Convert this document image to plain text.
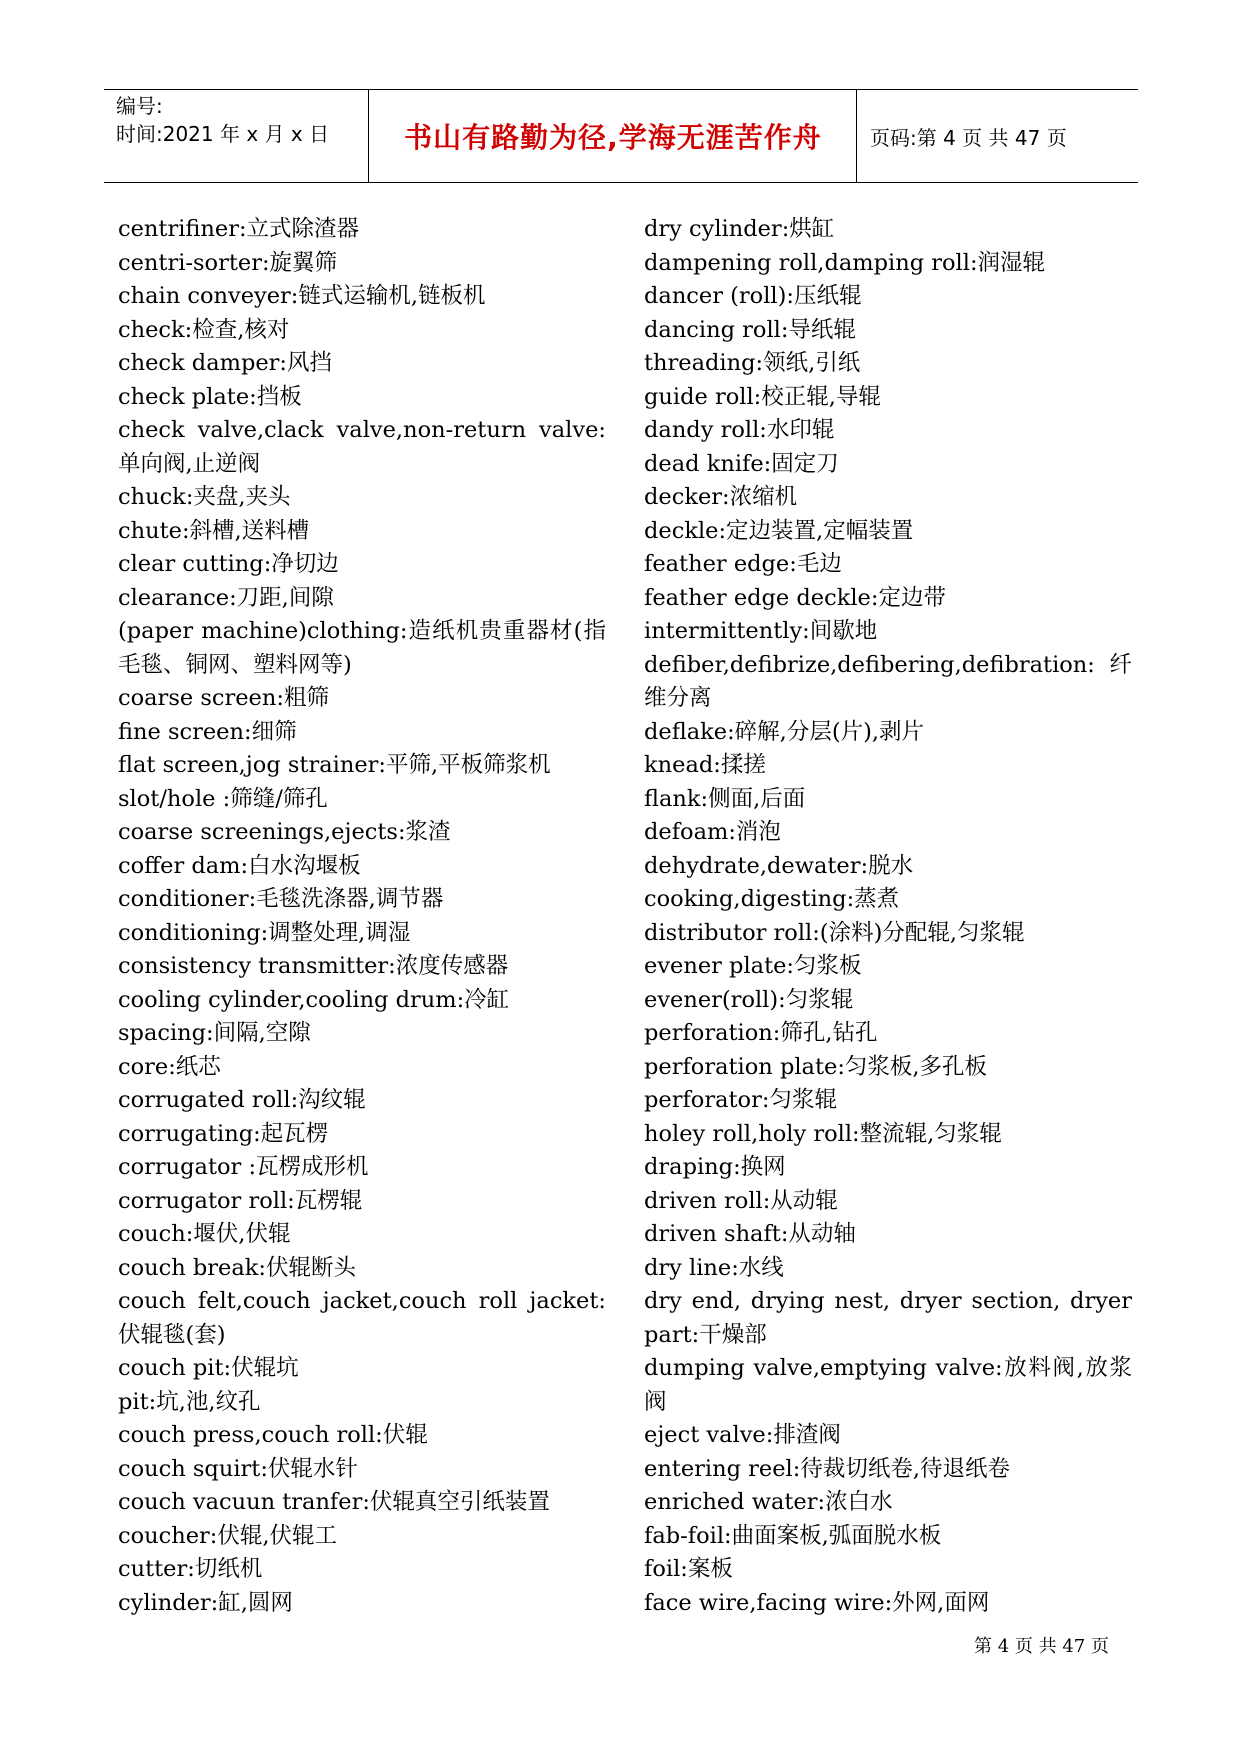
编号:
时间:2021 年 x 月 x 日	书山有路勤为径,学海无涯苦作舟	页码:第 4 页 共 47 页

centrifiner:立式除渣器

centri-sorter:旋翼筛

chain conveyer:链式运输机,链板机

check:检查,核对

check damper:风挡

check plate:挡板

check valve,clack valve,non-return valve:单向阀,止逆阀

chuck:夹盘,夹头

chute:斜槽,送料槽

clear cutting:净切边

clearance:刀距,间隙

(paper machine)clothing:造纸机贵重器材(指毛毯、铜网、塑料网等)

coarse screen:粗筛

fine screen:细筛

flat screen,jog strainer:平筛,平板筛浆机

slot/hole :筛缝/筛孔

coarse screenings,ejects:浆渣

coffer dam:白水沟堰板

conditioner:毛毯洗涤器,调节器

conditioning:调整处理,调湿

consistency transmitter:浓度传感器

cooling cylinder,cooling drum:冷缸

spacing:间隔,空隙

core:纸芯

corrugated roll:沟纹辊

corrugating:起瓦楞

corrugator :瓦楞成形机

corrugator roll:瓦楞辊

couch:堰伏,伏辊

couch break:伏辊断头

couch felt,couch jacket,couch roll jacket:伏辊毯(套)

couch pit:伏辊坑

pit:坑,池,纹孔

couch press,couch roll:伏辊

couch squirt:伏辊水针

couch vacuun tranfer:伏辊真空引纸装置

coucher:伏辊,伏辊工

cutter:切纸机

cylinder:缸,圆网

dry cylinder:烘缸

dampening roll,damping roll:润湿辊

dancer (roll):压纸辊

dancing roll:导纸辊

threading:领纸,引纸

guide roll:校正辊,导辊

dandy roll:水印辊

dead knife:固定刀

decker:浓缩机

deckle:定边装置,定幅装置

feather edge:毛边

feather edge deckle:定边带

intermittently:间歇地

defiber,defibrize,defibering,defibration:纤维分离

deflake:碎解,分层(片),剥片

knead:揉搓

flank:侧面,后面

defoam:消泡

dehydrate,dewater:脱水

cooking,digesting:蒸煮

distributor roll:(涂料)分配辊,匀浆辊

evener plate:匀浆板

evener(roll):匀浆辊

perforation:筛孔,钻孔

perforation plate:匀浆板,多孔板

perforator:匀浆辊

holey roll,holy roll:整流辊,匀浆辊

draping:换网

driven roll:从动辊

driven shaft:从动轴

dry line:水线

dry end, drying nest, dryer section, dryer part:干燥部

dumping valve,emptying valve:放料阀,放浆阀

eject valve:排渣阀

entering reel:待裁切纸卷,待退纸卷

enriched water:浓白水

fab-foil:曲面案板,弧面脱水板

foil:案板

face wire,facing wire:外网,面网

第 4 页 共 47 页
